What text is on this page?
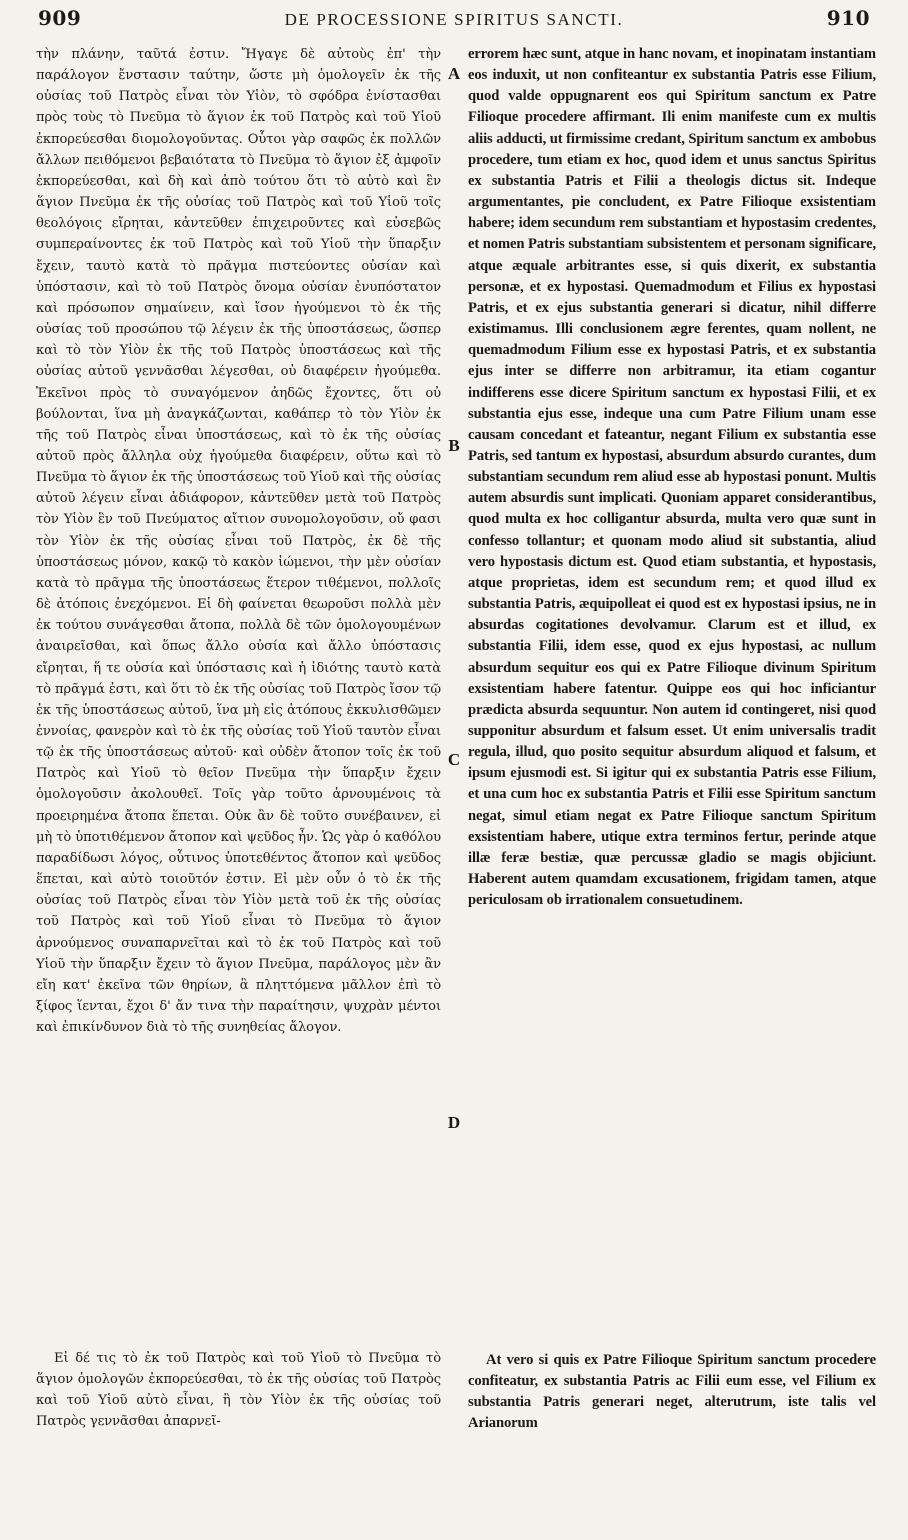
909	DE PROCESSIONE SPIRITUS SANCTI.	910

τὴν πλάνην, ταῦτά ἐστιν. Ἤγαγε δὲ αὐτοὺς ἐπ' τὴν παράλογον ἔνστασιν ταύτην, ὥστε μὴ ὁμολογεῖν ἐκ τῆς οὐσίας τοῦ Πατρὸς εἶναι τὸν Υἱὸν, τὸ σφόδρα ἐνίστασθαι πρὸς τοὺς τὸ Πνεῦμα τὸ ἅγιον ἐκ τοῦ Πατρὸς καὶ τοῦ Υἱοῦ ἐκπορεύεσθαι διομολογοῦντας. Οὗτοι γὰρ σαφῶς ἐκ πολλῶν ἄλλων πειθόμενοι βεβαιότατα τὸ Πνεῦμα τὸ ἅγιον ἐξ ἀμφοῖν ἐκπορεύεσθαι, καὶ δὴ καὶ ἀπὸ τούτου ὅτι τὸ αὐτὸ καὶ ἓν ἅγιον Πνεῦμα ἐκ τῆς οὐσίας τοῦ Πατρὸς καὶ τοῦ Υἱοῦ τοῖς θεολόγοις εἴρηται, κἀντεῦθεν ἐπιχειροῦντες καὶ εὐσεβῶς συμπεραίνοντες ἐκ τοῦ Πατρὸς καὶ τοῦ Υἱοῦ τὴν ὕπαρξιν ἔχειν, ταυτὸ κατὰ τὸ πρᾶγμα πιστεύοντες οὐσίαν καὶ ὑπόστασιν, καὶ τὸ τοῦ Πατρὸς ὄνομα οὐσίαν ἐνυπόστατον καὶ πρόσωπον σημαίνειν, καὶ ἴσον ἡγούμενοι τὸ ἐκ τῆς οὐσίας τοῦ προσώπου τῷ λέγειν ἐκ τῆς ὑποστάσεως, ὥσπερ καὶ τὸ τὸν Υἱὸν ἐκ τῆς τοῦ Πατρὸς ὑποστάσεως καὶ τῆς οὐσίας αὐτοῦ γεννᾶσθαι λέγεσθαι, οὐ διαφέρειν ἡγούμεθα. Ἐκεῖνοι πρὸς τὸ συναγόμενον ἀηδῶς ἔχοντες, ὅτι οὐ βούλονται, ἵνα μὴ ἀναγκάζωνται, καθάπερ τὸ τὸν Υἱὸν ἐκ τῆς τοῦ Πατρὸς εἶναι ὑποστάσεως, καὶ τὸ ἐκ τῆς οὐσίας αὐτοῦ πρὸς ἄλληλα οὐχ ἡγούμεθα διαφέρειν, οὕτω καὶ τὸ Πνεῦμα τὸ ἅγιον ἐκ τῆς ὑποστάσεως τοῦ Υἱοῦ καὶ τῆς οὐσίας αὐτοῦ λέγειν εἶναι ἀδιάφορον, κἀντεῦθεν μετὰ τοῦ Πατρὸς τὸν Υἱὸν ἓν τοῦ Πνεύματος αἴτιον συνομολογοῦσιν, οὔ φασι τὸν Υἱὸν ἐκ τῆς οὐσίας εἶναι τοῦ Πατρὸς, ἐκ δὲ τῆς ὑποστάσεως μόνον, κακῷ τὸ κακὸν ἰώμενοι, τὴν μὲν οὐσίαν κατὰ τὸ πρᾶγμα τῆς ὑποστάσεως ἕτερον τιθέμενοι, πολλοῖς δὲ ἀτόποις ἐνεχόμενοι. Εἰ δὴ φαίνεται θεωροῦσι πολλὰ μὲν ἐκ τούτου συνάγεσθαι ἄτοπα, πολλὰ δὲ τῶν ὁμολογουμένων ἀναιρεῖσθαι, καὶ ὅπως ἄλλο οὐσία καὶ ἄλλο ὑπόστασις εἴρηται, ἥ τε οὐσία καὶ ὑπόστασις καὶ ἡ ἰδιότης ταυτὸ κατὰ τὸ πρᾶγμά ἐστι, καὶ ὅτι τὸ ἐκ τῆς οὐσίας τοῦ Πατρὸς ἴσον τῷ ἐκ τῆς ὑποστάσεως αὐτοῦ, ἵνα μὴ εἰς ἀτόπους ἐκκυλισθῶμεν ἐννοίας, φανερὸν καὶ τὸ ἐκ τῆς οὐσίας τοῦ Υἱοῦ ταυτὸν εἶναι τῷ ἐκ τῆς ὑποστάσεως αὐτοῦ· καὶ οὐδὲν ἄτοπον τοῖς ἐκ τοῦ Πατρὸς καὶ Υἱοῦ τὸ θεῖον Πνεῦμα τὴν ὕπαρξιν ἔχειν ὁμολογοῦσιν ἀκολουθεῖ. Τοῖς γὰρ τοῦτο ἀρνουμένοις τὰ προειρημένα ἄτοπα ἕπεται. Οὐκ ἂν δὲ τοῦτο συνέβαινεν, εἰ μὴ τὸ ὑποτιθέμενον ἄτοπον καὶ ψεῦδος ἦν. Ὡς γὰρ ὁ καθόλου παραδίδωσι λόγος, οὗτινος ὑποτεθέντος ἄτοπον καὶ ψεῦδος ἕπεται, καὶ αὐτὸ τοιοῦτόν ἐστιν. Εἰ μὲν οὖν ὁ τὸ ἐκ τῆς οὐσίας τοῦ Πατρὸς εἶναι τὸν Υἱὸν μετὰ τοῦ ἐκ τῆς οὐσίας τοῦ Πατρὸς καὶ τοῦ Υἱοῦ εἶναι τὸ Πνεῦμα τὸ ἅγιον ἀρνούμενος συναπαρνεῖται καὶ τὸ ἐκ τοῦ Πατρὸς καὶ τοῦ Υἱοῦ τὴν ὕπαρξιν ἔχειν τὸ ἅγιον Πνεῦμα, παράλογος μὲν ἂν εἴη κατ' ἐκεῖνα τῶν θηρίων, ἃ πληττόμενα μᾶλλον ἐπὶ τὸ ξίφος ἵενται, ἔχοι δ' ἄν τινα τὴν παραίτησιν, ψυχρὰν μέντοι καὶ ἐπικίνδυνον διὰ τὸ τῆς συνηθείας ἄλογον.

Εἰ δέ τις τὸ ἐκ τοῦ Πατρὸς καὶ τοῦ Υἱοῦ τὸ Πνεῦμα τὸ ἅγιον ὁμολογῶν ἐκπορεύεσθαι, τὸ ἐκ τῆς οὐσίας τοῦ Πατρὸς καὶ τοῦ Υἱοῦ αὐτὸ εἶναι, ἢ τὸν Υἱὸν ἐκ τῆς οὐσίας τοῦ Πατρὸς γεννᾶσθαι ἀπαρνεῖ-

A
B
C
D

errorem hæc sunt, atque in hanc novam, et inopinatam instantiam eos induxit, ut non confiteantur ex substantia Patris esse Filium, quod valde oppugnarent eos qui Spiritum sanctum ex Patre Filioque procedere affirmant. Ili enim manifeste cum ex multis aliis adducti, ut firmissime credant, Spiritum sanctum ex ambobus procedere, tum etiam ex hoc, quod idem et unus sanctus Spiritus ex substantia Patris et Filii a theologis dictus sit. Indeque argumentantes, pie concludent, ex Patre Filioque exsistentiam habere; idem secundum rem substantiam et hypostasim credentes, et nomen Patris substantiam subsistentem et personam significare, atque æquale arbitrantes esse, si quis dixerit, ex substantia personæ, et ex hypostasi. Quemadmodum et Filius ex hypostasi Patris, et ex ejus substantia generari si dicatur, nihil differre existimamus. Illi conclusionem ægre ferentes, quam nollent, ne quemadmodum Filium esse ex hypostasi Patris, et ex substantia ejus inter se differre non arbitramur, ita etiam cogantur indifferens esse dicere Spiritum sanctum ex hypostasi Filii, et ex substantia ejus esse, indeque una cum Patre Filium unam esse causam concedant et fateantur, negant Filium ex substantia esse Patris, sed tantum ex hypostasi, absurdum absurdo curantes, dum substantiam secundum rem aliud esse ab hypostasi ponunt. Multis autem absurdis sunt implicati. Quoniam apparet considerantibus, quod multa ex hoc colligantur absurda, multa vero quæ sunt in confesso tollantur; et quonam modo aliud sit substantia, aliud vero hypostasis dictum est. Quod etiam substantia, et hypostasis, atque proprietas, idem est secundum rem; et quod illud ex substantia Patris, æquipolleat ei quod est ex hypostasi ipsius, ne in absurdas cogitationes devolvamur. Clarum est et illud, ex substantia Filii, idem esse, quod ex ejus hypostasi, ac nullum absurdum sequitur eos qui ex Patre Filioque divinum Spiritum exsistentiam habere fatentur. Quippe eos qui hoc inficiantur prædicta absurda sequuntur. Non autem id contingeret, nisi quod supponitur absurdum et falsum esset. Ut enim universalis tradit regula, illud, quo posito sequitur absurdum aliquod et falsum, et ipsum ejusmodi est. Si igitur qui ex substantia Patris esse Filium, et una cum hoc ex substantia Patris et Filii esse Spiritum sanctum negat, simul etiam negat ex Patre Filioque sanctum Spiritum exsistentiam habere, utique extra terminos fertur, perinde atque illæ feræ bestiæ, quæ percussæ gladio se magis objiciunt. Haberent autem quamdam excusationem, frigidam tamen, atque periculosam ob irrationalem consuetudinem.

At vero si quis ex Patre Filioque Spiritum sanctum procedere confiteatur, ex substantia Patris ac Filii eum esse, vel Filium ex substantia Patris generari neget, alterutrum, iste talis vel Arianorum
